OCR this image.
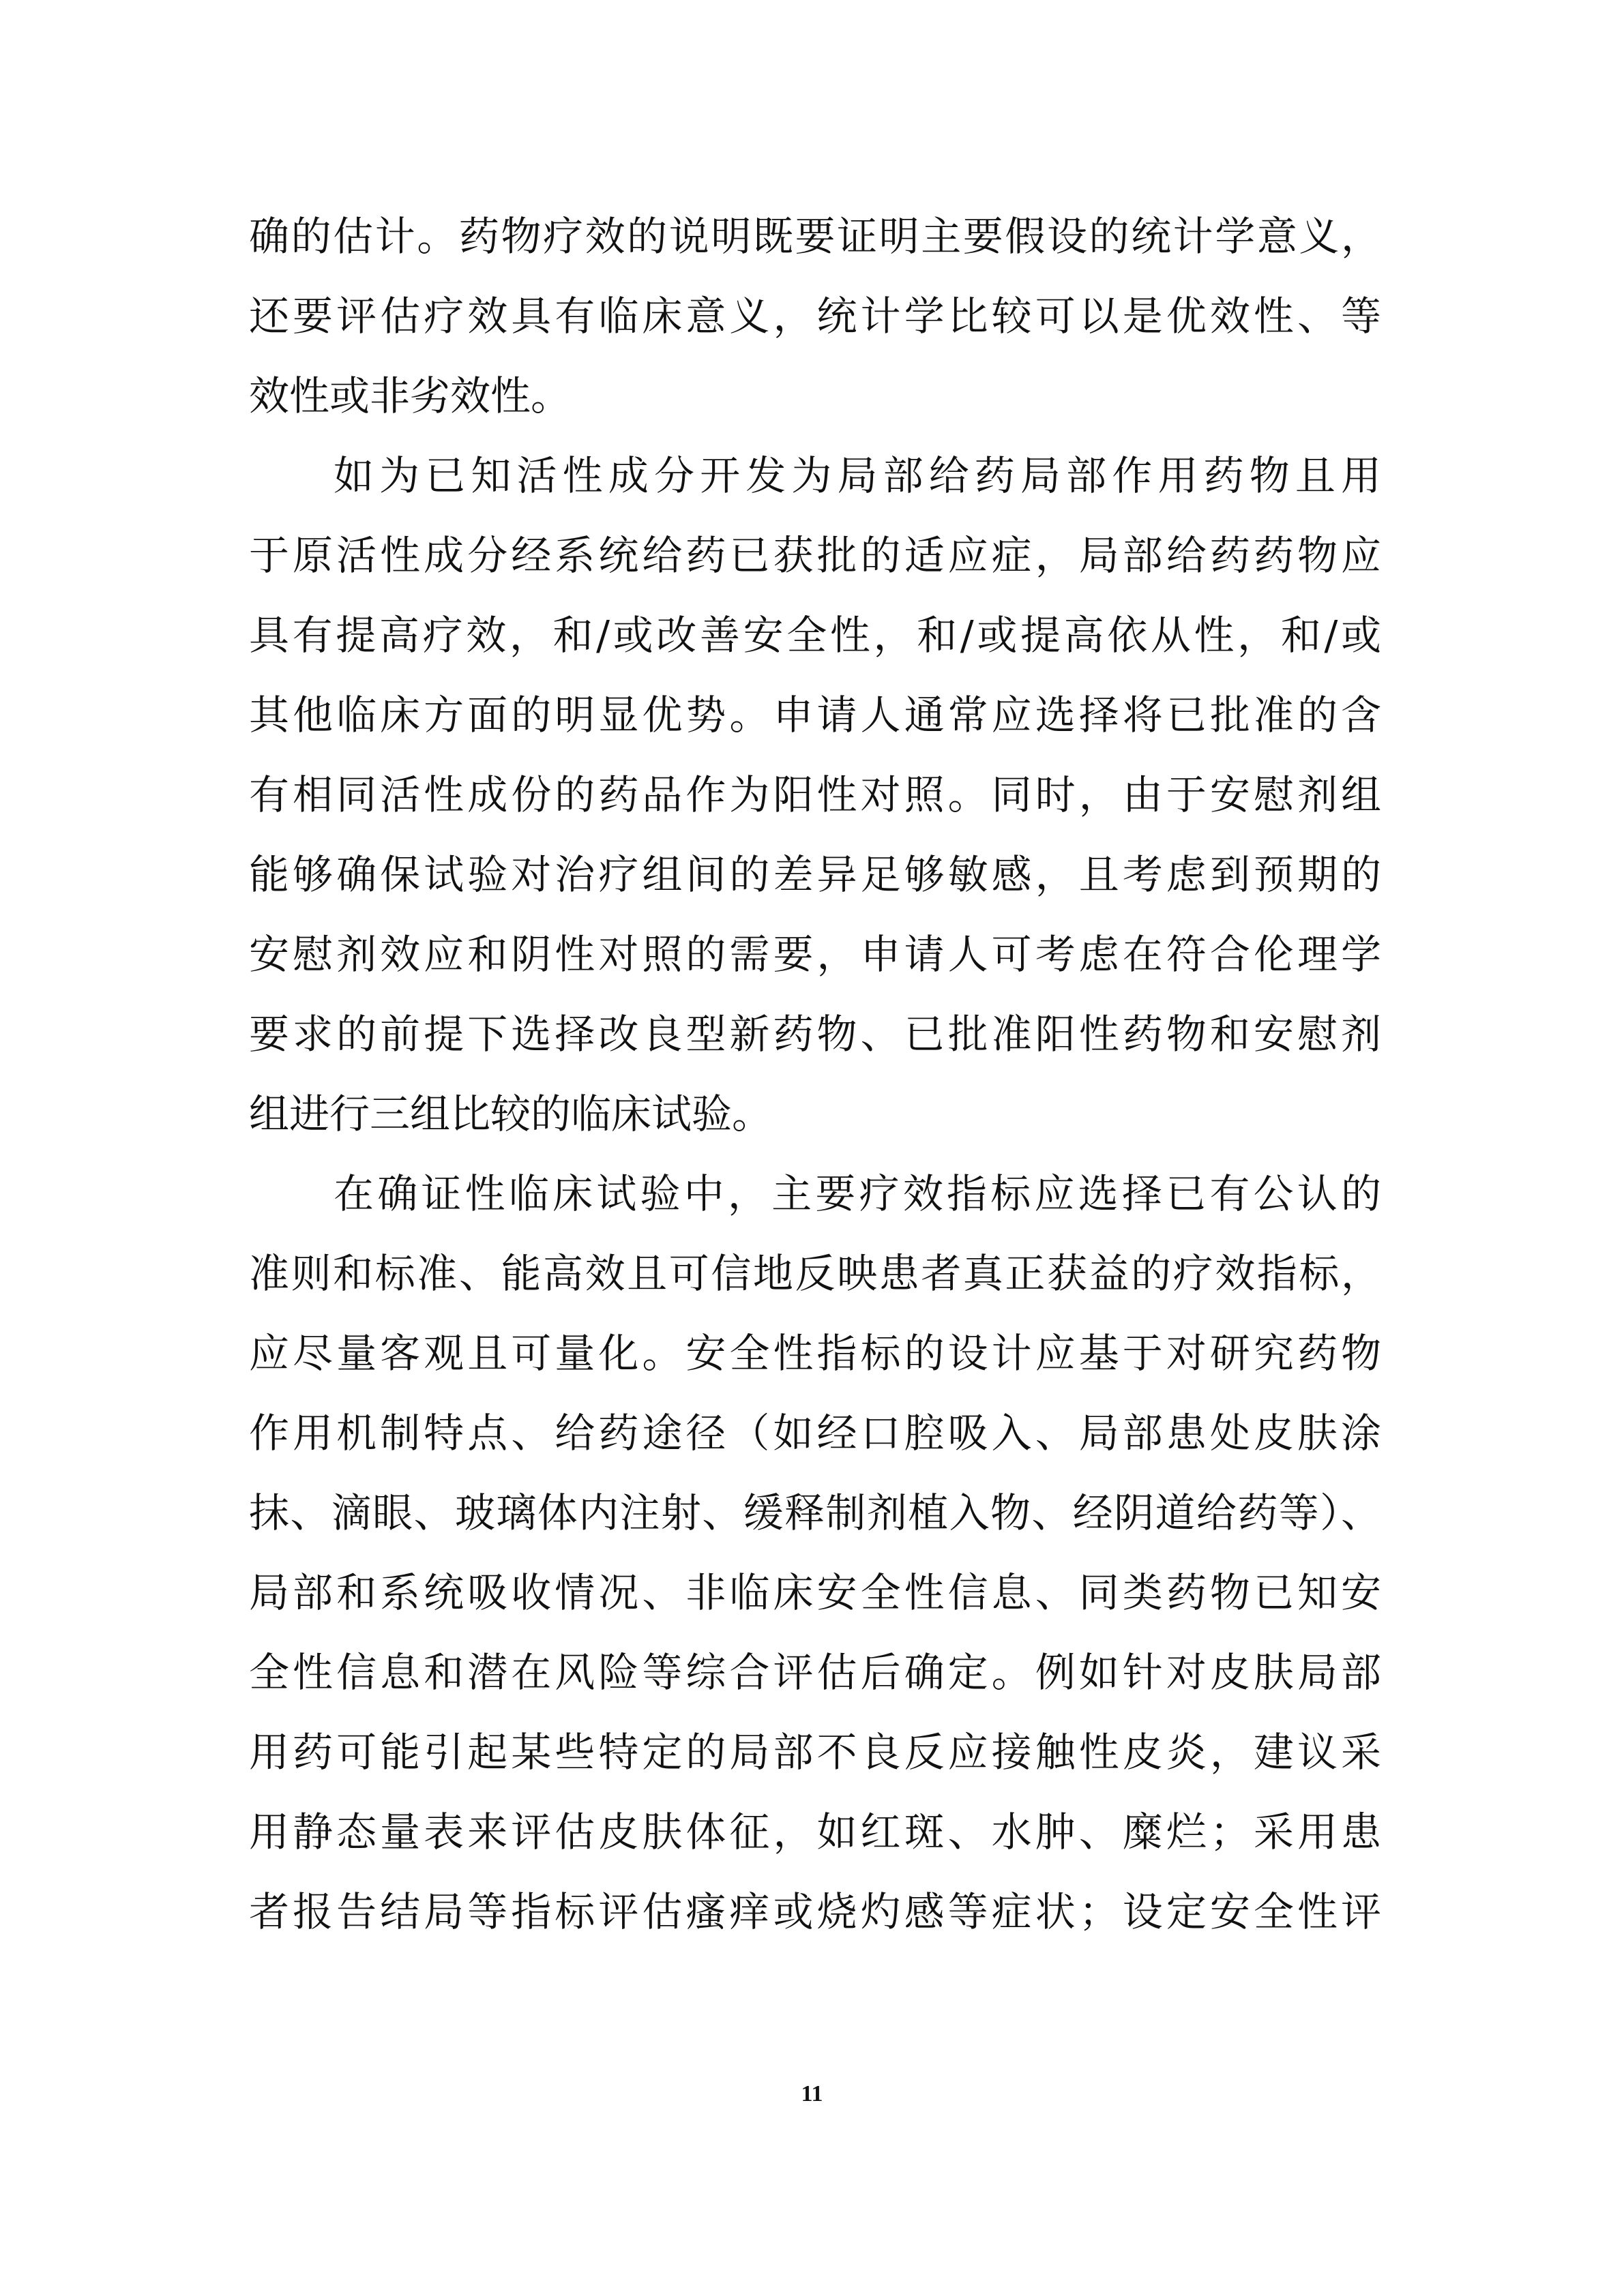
确的估计。药物疗效的说明既要证明主要假设的统计学意义，
还要评估疗效具有临床意义，统计学比较可以是优效性、等
效性或非劣效性。
如为已知活性成分开发为局部给药局部作用药物且用
于原活性成分经系统给药已获批的适应症，局部给药药物应
具有提高疗效，和/或改善安全性，和/或提高依从性，和/或
其他临床方面的明显优势。申请人通常应选择将已批准的含
有相同活性成份的药品作为阳性对照。同时，由于安慰剂组
能够确保试验对治疗组间的差异足够敏感，且考虑到预期的
安慰剂效应和阴性对照的需要，申请人可考虑在符合伦理学
要求的前提下选择改良型新药物、已批准阳性药物和安慰剂
组进行三组比较的临床试验。
在确证性临床试验中，主要疗效指标应选择已有公认的
准则和标准、能高效且可信地反映患者真正获益的疗效指标，
应尽量客观且可量化。安全性指标的设计应基于对研究药物
作用机制特点、给药途径（如经口腔吸入、局部患处皮肤涂
抹、滴眼、玻璃体内注射、缓释制剂植入物、经阴道给药等）、
局部和系统吸收情况、非临床安全性信息、同类药物已知安
全性信息和潜在风险等综合评估后确定。例如针对皮肤局部
用药可能引起某些特定的局部不良反应接触性皮炎，建议采
用静态量表来评估皮肤体征，如红斑、水肿、糜烂；采用患
者报告结局等指标评估瘙痒或烧灼感等症状；设定安全性评
11
